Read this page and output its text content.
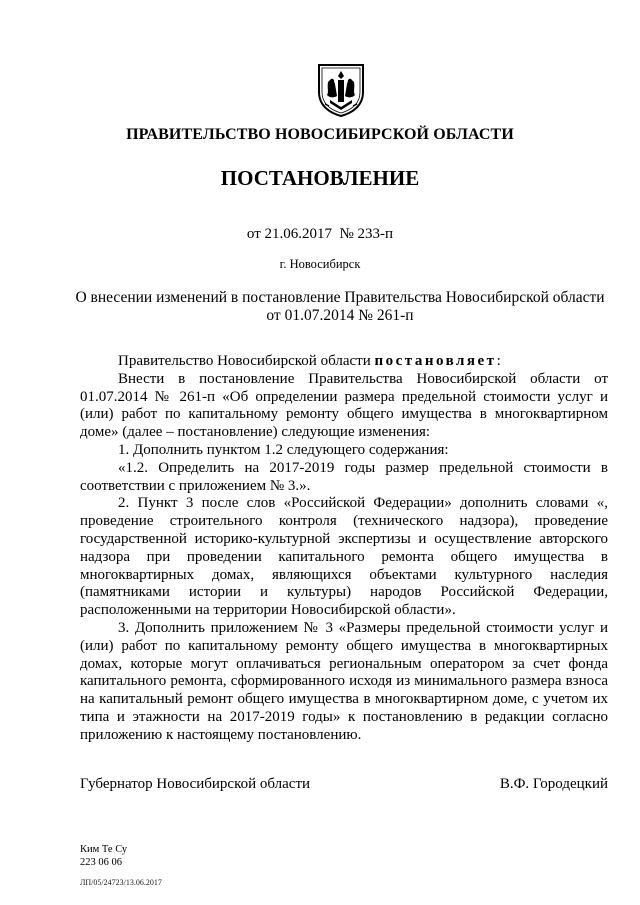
ПРАВИТЕЛЬСТВО НОВОСИБИРСКОЙ ОБЛАСТИ
ПОСТАНОВЛЕНИЕ
от 21.06.2017 № 233-п
г. Новосибирск
О внесении изменений в постановление Правительства Новосибирской области
от 01.07.2014 № 261-п

Правительство Новосибирской области постановляет:

Внести в постановление Правительства Новосибирской области от 01.07.2014 № 261-п «Об определении размера предельной стоимости услуг и (или) работ по капитальному ремонту общего имущества в многоквартирном доме» (далее – постановление) следующие изменения:

1. Дополнить пунктом 1.2 следующего содержания:

«1.2. Определить на 2017-2019 годы размер предельной стоимости в соответствии с приложением № 3.».

2. Пункт 3 после слов «Российской Федерации» дополнить словами «, проведение строительного контроля (технического надзора), проведение государственной историко-культурной экспертизы и осуществление авторского надзора при проведении капитального ремонта общего имущества в многоквартирных домах, являющихся объектами культурного наследия (памятниками истории и культуры) народов Российской Федерации, расположенными на территории Новосибирской области».

3. Дополнить приложением № 3 «Размеры предельной стоимости услуг и (или) работ по капитальному ремонту общего имущества в многоквартирных домах, которые могут оплачиваться региональным оператором за счет фонда капитального ремонта, сформированного исходя из минимального размера взноса на капитальный ремонт общего имущества в многоквартирном доме, с учетом их типа и этажности на 2017-2019 годы» к постановлению в редакции согласно приложению к настоящему постановлению.

Губернатор Новосибирской области	В.Ф. Городецкий
Ким Те Су
223 06 06
ЛП/05/24723/13.06.2017
